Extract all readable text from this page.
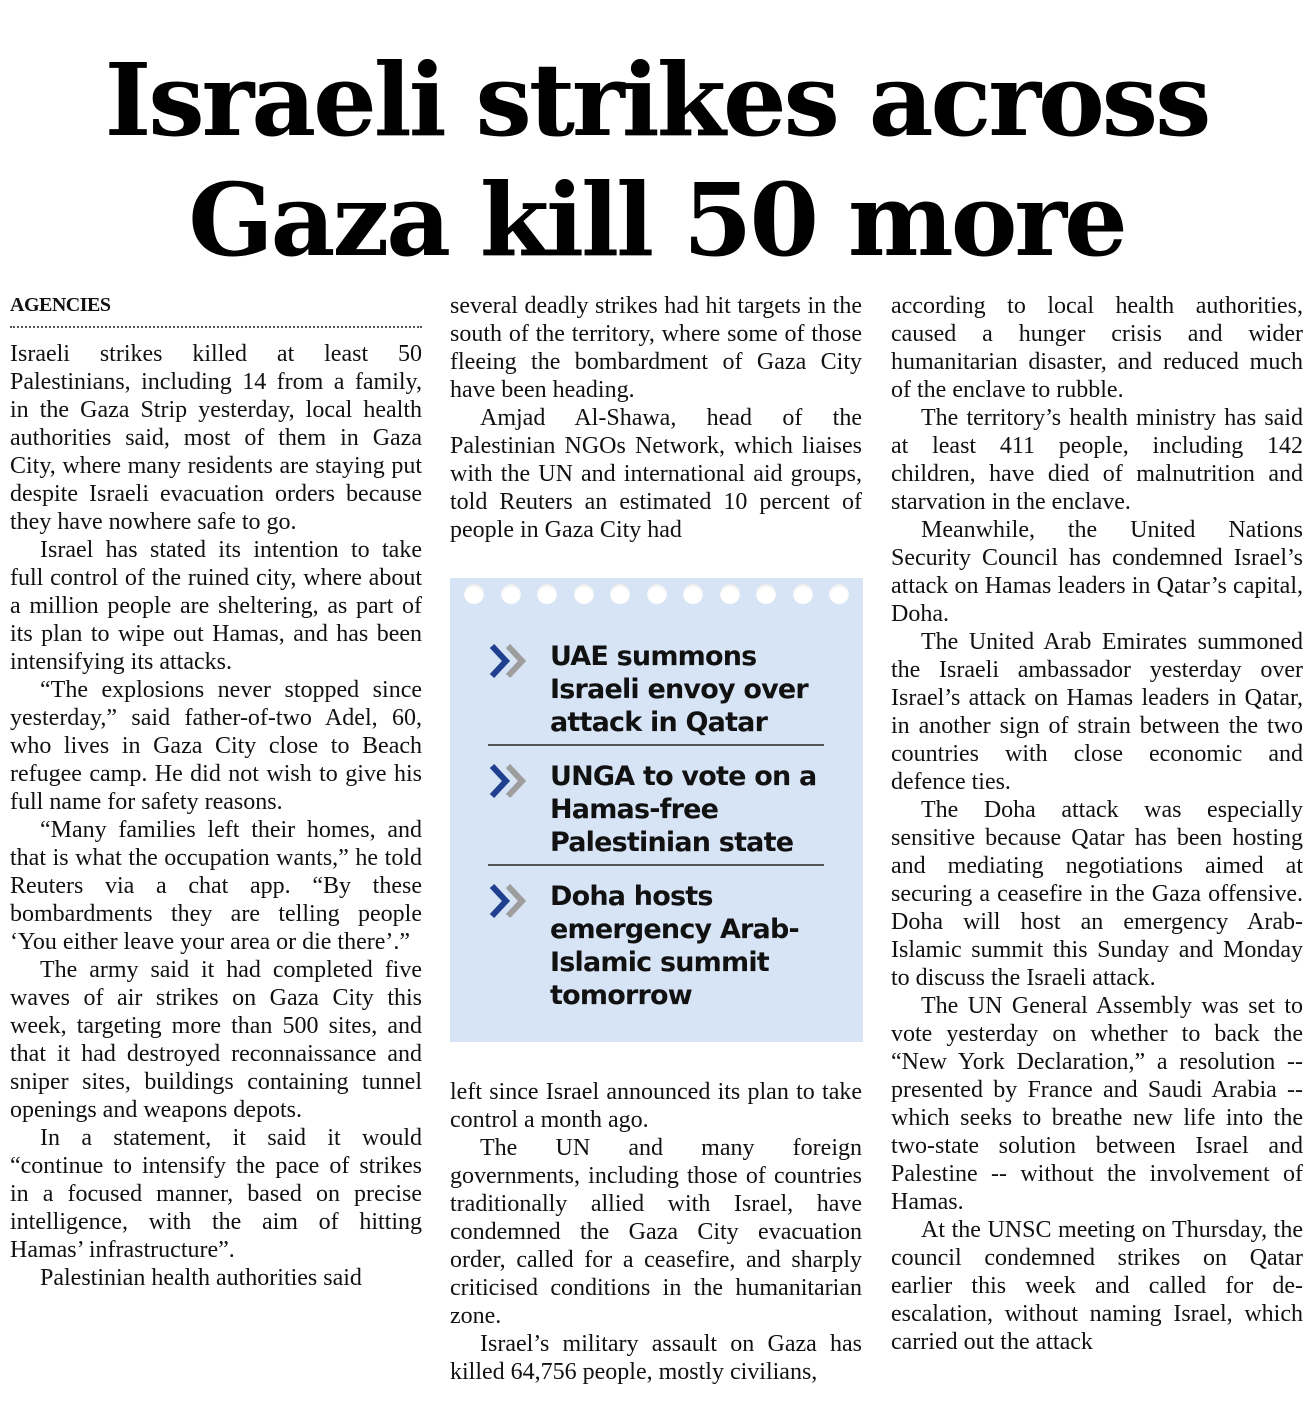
Israeli strikes across
Gaza kill 50 more
AGENCIES

Israeli strikes killed at least 50 Palestinians, including 14 from a family, in the Gaza Strip yesterday, local health authorities said, most of them in Gaza City, where many residents are staying put despite Israeli evacuation orders because they have nowhere safe to go.

Israel has stated its intention to take full control of the ruined city, where about a million people are sheltering, as part of its plan to wipe out Hamas, and has been intensifying its attacks.

“The explosions never stopped since yesterday,” said father-of-two Adel, 60, who lives in Gaza City close to Beach refugee camp. He did not wish to give his full name for safety reasons.

“Many families left their homes, and that is what the occupation wants,” he told Reuters via a chat app. “By these bombardments they are telling people ‘You either leave your area or die there’.”

The army said it had completed five waves of air strikes on Gaza City this week, targeting more than 500 sites, and that it had destroyed reconnaissance and sniper sites, buildings containing tunnel openings and weapons depots.

In a statement, it said it would “continue to intensify the pace of strikes in a focused manner, based on precise intelligence, with the aim of hitting Hamas’ infrastructure”.

Palestinian health authorities said

several deadly strikes had hit targets in the south of the territory, where some of those fleeing the bombardment of Gaza City have been heading.

Amjad Al-Shawa, head of the Palestinian NGOs Network, which liaises with the UN and international aid groups, told Reuters an estimated 10 percent of people in Gaza City had

UAE summons Israeli envoy over attack in Qatar
UNGA to vote on a Hamas-free Palestinian state
Doha hosts emergency Arab-Islamic summit tomorrow

left since Israel announced its plan to take control a month ago.

The UN and many foreign governments, including those of countries traditionally allied with Israel, have condemned the Gaza City evacuation order, called for a ceasefire, and sharply criticised conditions in the humanitarian zone.

Israel’s military assault on Gaza has killed 64,756 people, mostly civilians,

according to local health authorities, caused a hunger crisis and wider humanitarian disaster, and reduced much of the enclave to rubble.

The territory’s health ministry has said at least 411 people, including 142 children, have died of malnutrition and starvation in the enclave.

Meanwhile, the United Nations Security Council has condemned Israel’s attack on Hamas leaders in Qatar’s capital, Doha.

The United Arab Emirates summoned the Israeli ambassador yesterday over Israel’s attack on Hamas leaders in Qatar, in another sign of strain between the two countries with close economic and defence ties.

The Doha attack was especially sensitive because Qatar has been hosting and mediating negotiations aimed at securing a ceasefire in the Gaza offensive. Doha will host an emergency Arab-Islamic summit this Sunday and Monday to discuss the Israeli attack.

The UN General Assembly was set to vote yesterday on whether to back the “New York Declaration,” a resolution -- presented by France and Saudi Arabia -- which seeks to breathe new life into the two-state solution between Israel and Palestine -- without the involvement of Hamas.

At the UNSC meeting on Thursday, the council condemned strikes on Qatar earlier this week and called for de-escalation, without naming Israel, which carried out the attack
